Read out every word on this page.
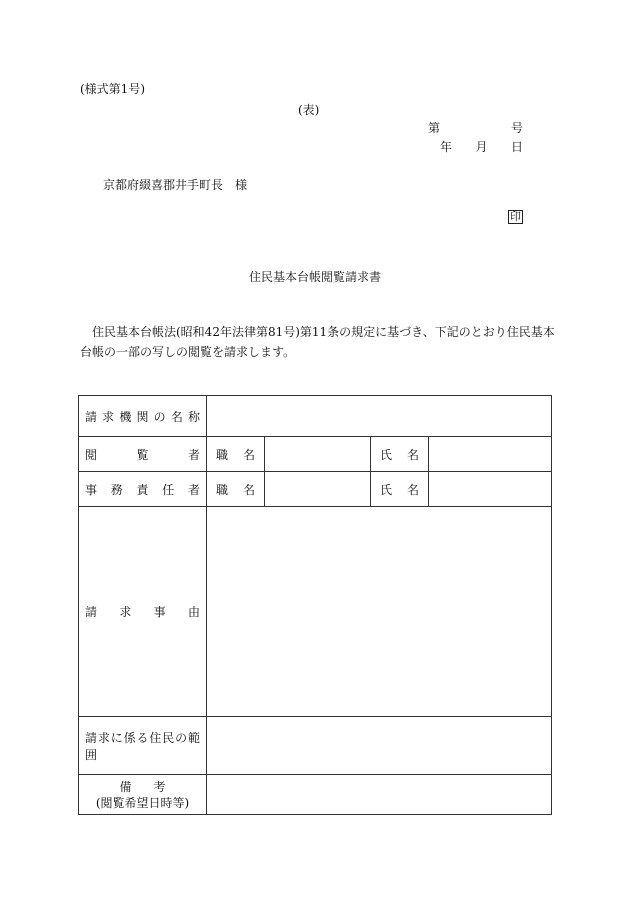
(様式第1号)
(表)
第	号
年 月 日
京都府綴喜郡井手町長　様
印
住民基本台帳閲覧請求書
住民基本台帳法(昭和42年法律第81号)第11条の規定に基づき、下記のとおり住民基本台帳の一部の写しの閲覧を請求します。
請求機関の名称				
閲覧者	職名		氏名	
事務責任者	職名		氏名	
請求事由				
請求に係る住民の範囲				

備考
(閲覧希望日時等)				
